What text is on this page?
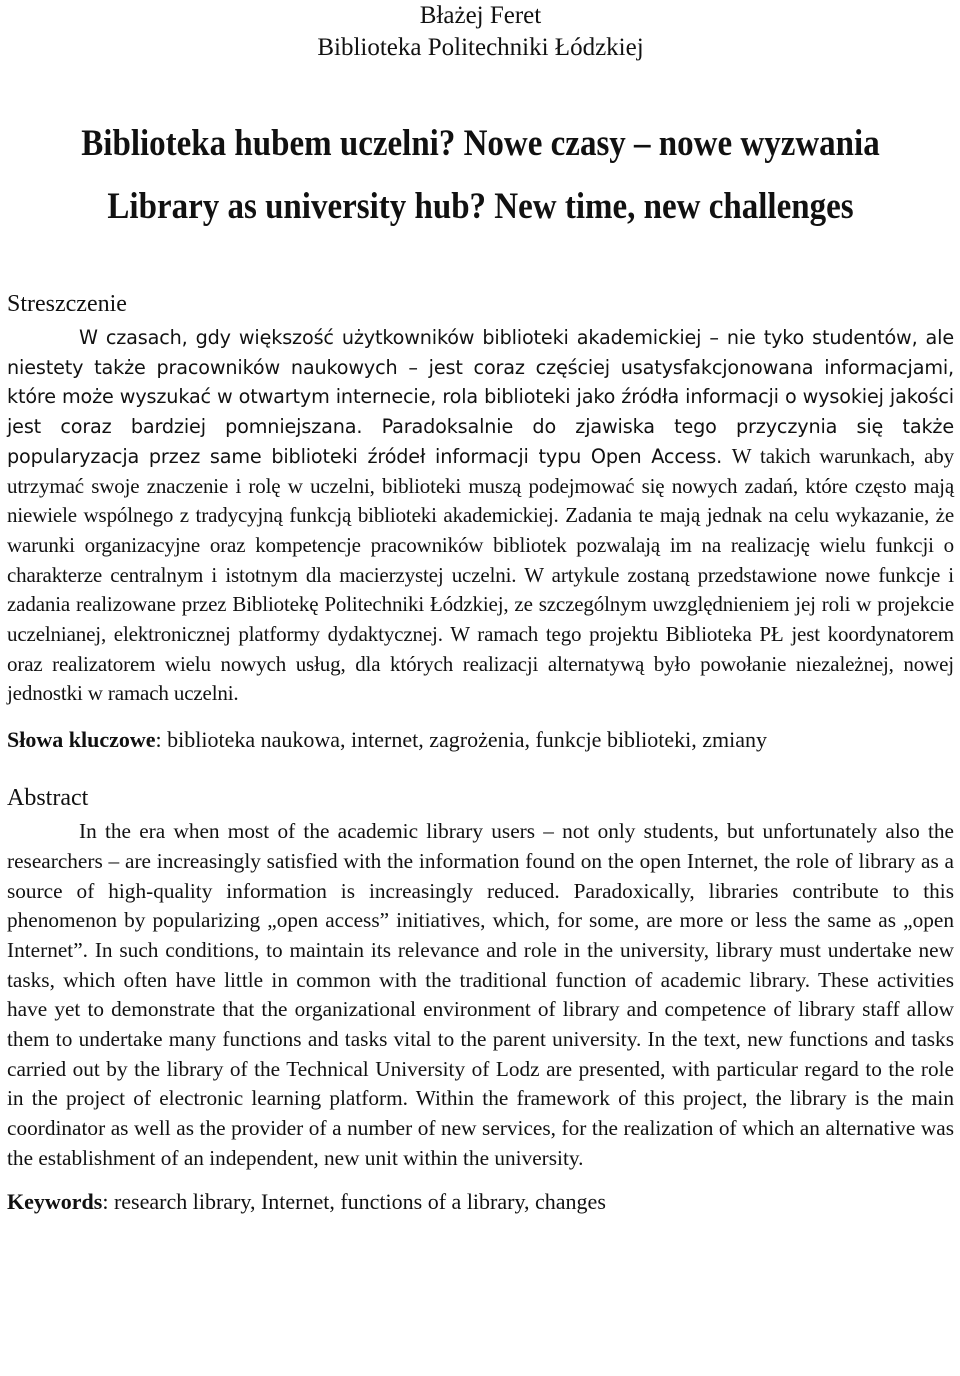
Błażej Feret
Biblioteka Politechniki Łódzkiej
Biblioteka hubem uczelni? Nowe czasy – nowe wyzwania
Library as university hub? New time, new challenges
Streszczenie

W czasach, gdy większość użytkowników biblioteki akademickiej – nie tyko studentów, ale niestety także pracowników naukowych – jest coraz częściej usatysfakcjonowana informacjami, które może wyszukać w otwartym internecie, rola biblioteki jako źródła informacji o wysokiej jakości jest coraz bardziej pomniejszana. Paradoksalnie do zjawiska tego przyczynia się także popularyzacja przez same biblioteki źródeł informacji typu Open Access. W takich warunkach, aby utrzymać swoje znaczenie i rolę w uczelni, biblioteki muszą podejmować się nowych zadań, które często mają niewiele wspólnego z tradycyjną funkcją biblioteki akademickiej. Zadania te mają jednak na celu wykazanie, że warunki organizacyjne oraz kompetencje pracowników bibliotek pozwalają im na realizację wielu funkcji o charakterze centralnym i istotnym dla macierzystej uczelni. W artykule zostaną przedstawione nowe funkcje i zadania realizowane przez Bibliotekę Politechniki Łódzkiej, ze szczególnym uwzględnieniem jej roli w projekcie uczelnianej, elektronicznej platformy dydaktycznej. W ramach tego projektu Biblioteka PŁ jest koordynatorem oraz realizatorem wielu nowych usług, dla których realizacji alternatywą było powołanie niezależnej, nowej jednostki w ramach uczelni.

Słowa kluczowe: biblioteka naukowa, internet, zagrożenia, funkcje biblioteki, zmiany

Abstract

In the era when most of the academic library users – not only students, but unfortunately also the researchers – are increasingly satisfied with the information found on the open Internet, the role of library as a source of high-quality information is increasingly reduced. Paradoxically, libraries contribute to this phenomenon by popularizing „open access” initiatives, which, for some, are more or less the same as „open Internet”. In such conditions, to maintain its relevance and role in the university, library must undertake new tasks, which often have little in common with the traditional function of academic library. These activities have yet to demonstrate that the organizational environment of library and competence of library staff allow them to undertake many functions and tasks vital to the parent university. In the text, new functions and tasks carried out by the library of the Technical University of Lodz are presented, with particular regard to the role in the project of electronic learning platform. Within the framework of this project, the library is the main coordinator as well as the provider of a number of new services, for the realization of which an alternative was the establishment of an independent, new unit within the university.

Keywords: research library, Internet, functions of a library, changes
